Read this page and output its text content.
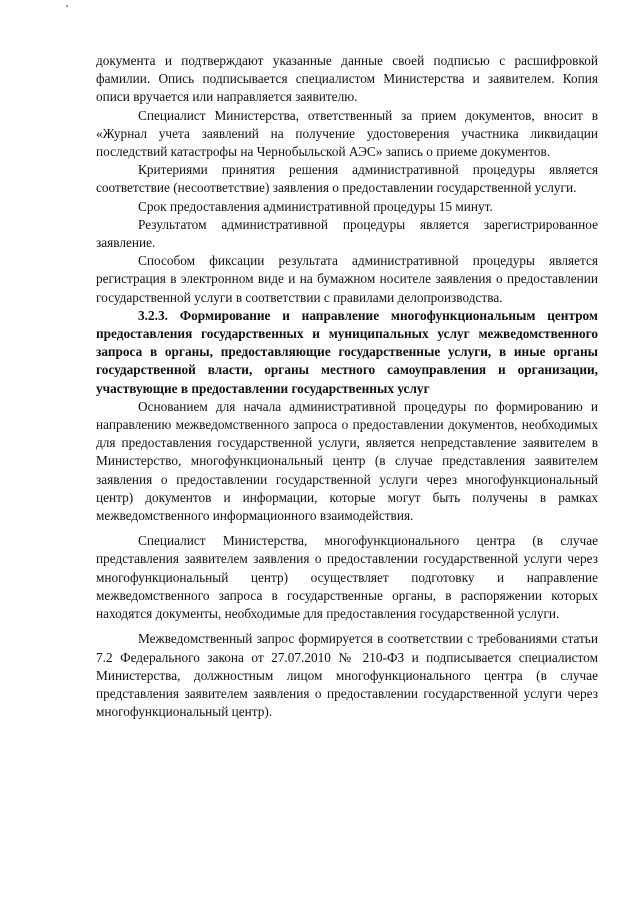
документа и подтверждают указанные данные своей подписью с расшифровкой фамилии. Опись подписывается специалистом Министерства и заявителем. Копия описи вручается или направляется заявителю.

Специалист Министерства, ответственный за прием документов, вносит в «Журнал учета заявлений на получение удостоверения участника ликвидации последствий катастрофы на Чернобыльской АЭС» запись о приеме документов.

Критериями принятия решения административной процедуры является соответствие (несоответствие) заявления о предоставлении государственной услуги.

Срок предоставления административной процедуры 15 минут.

Результатом административной процедуры является зарегистрированное заявление.

Способом фиксации результата административной процедуры является регистрация в электронном виде и на бумажном носителе заявления о предоставлении государственной услуги в соответствии с правилами делопроизводства.

3.2.3. Формирование и направление многофункциональным центром предоставления государственных и муниципальных услуг межведомственного запроса в органы, предоставляющие государственные услуги, в иные органы государственной власти, органы местного самоуправления и организации, участвующие в предоставлении государственных услуг

Основанием для начала административной процедуры по формированию и направлению межведомственного запроса о предоставлении документов, необходимых для предоставления государственной услуги, является непредставление заявителем в Министерство, многофункциональный центр (в случае представления заявителем заявления о предоставлении государственной услуги через многофункциональный центр) документов и информации, которые могут быть получены в рамках межведомственного информационного взаимодействия.

Специалист Министерства, многофункционального центра (в случае представления заявителем заявления о предоставлении государственной услуги через многофункциональный центр) осуществляет подготовку и направление межведомственного запроса в государственные органы, в распоряжении которых находятся документы, необходимые для предоставления государственной услуги.

Межведомственный запрос формируется в соответствии с требованиями статьи 7.2 Федерального закона от 27.07.2010 № 210-ФЗ и подписывается специалистом Министерства, должностным лицом многофункционального центра (в случае представления заявителем заявления о предоставлении государственной услуги через многофункциональный центр).
